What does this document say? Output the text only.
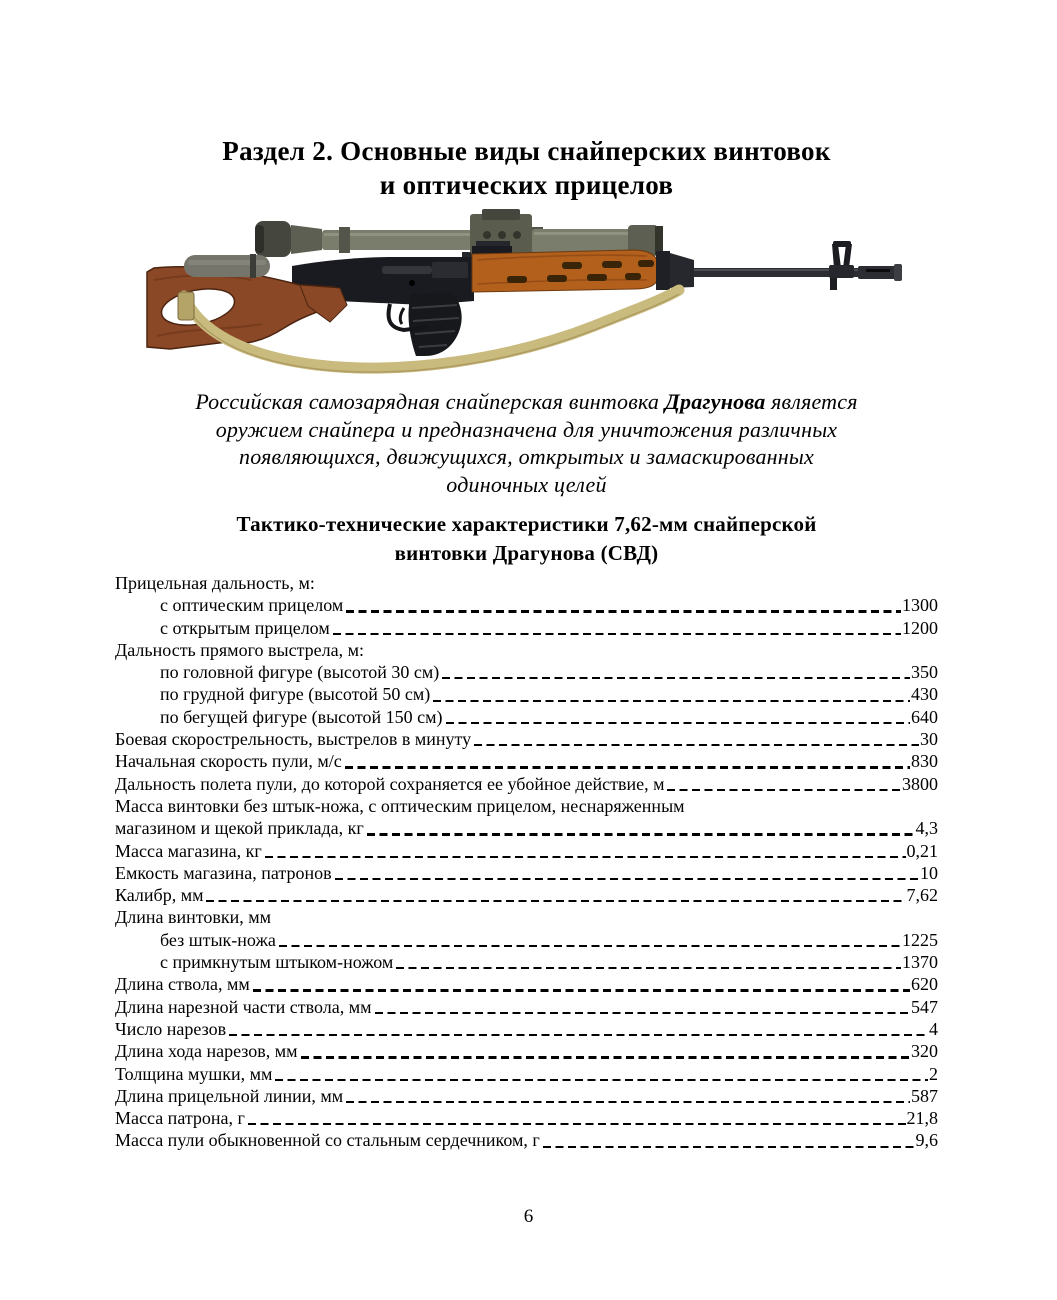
Раздел 2. Основные виды снайперских винтовок
и оптических прицелов
Российская самозарядная снайперская винтовка Драгунова является
оружием снайпера и предназначена для уничтожения различных
появляющихся, движущихся, открытых и замаскированных
одиночных целей
Тактико-технические характеристики 7,62-мм снайперской
винтовки Драгунова (СВД)
Прицельная дальность, м:
с оптическим прицелом	1300
с открытым прицелом	1200
Дальность прямого выстрела, м:
по головной фигуре (высотой 30 см)	350
по грудной фигуре (высотой 50 см)	430
по бегущей фигуре (высотой 150 см)	640
Боевая скорострельность, выстрелов в минуту	30
Начальная скорость пули, м/с	830
Дальность полета пули, до которой сохраняется ее убойное действие, м	3800
Масса винтовки без штык-ножа, с оптическим прицелом, неснаряженным
магазином и щекой приклада, кг	4,3
Масса магазина, кг	0,21
Емкость магазина, патронов	10
Калибр, мм	7,62
Длина винтовки, мм
без штык-ножа	1225
с примкнутым штыком-ножом	1370
Длина ствола, мм	620
Длина нарезной части ствола, мм	547
Число нарезов	4
Длина хода нарезов, мм	320
Толщина мушки, мм	2
Длина прицельной линии, мм	587
Масса патрона, г	21,8
Масса пули обыкновенной со стальным сердечником, г	9,6
6
